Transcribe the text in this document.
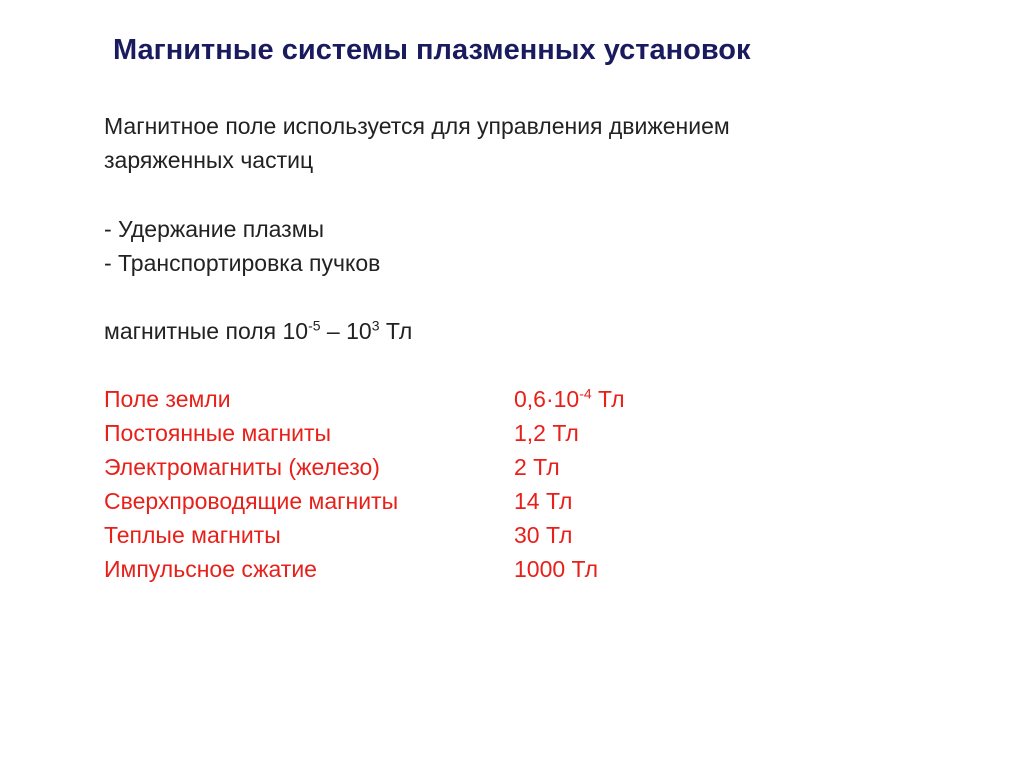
Магнитные системы плазменных установок
Магнитное поле используется для управления движением
заряженных частиц
- Удержание плазмы
- Транспортировка пучков
магнитные поля $10^{-5} - 10^3$ Тл
Поле земли	$0,6\cdot 10^{-4}$ Тл
Постоянные магниты	1,2 Тл
Электромагниты (железо)	2 Тл
Сверхпроводящие магниты	14 Тл
Теплые магниты	30 Тл
Импульсное сжатие	1000 Тл
